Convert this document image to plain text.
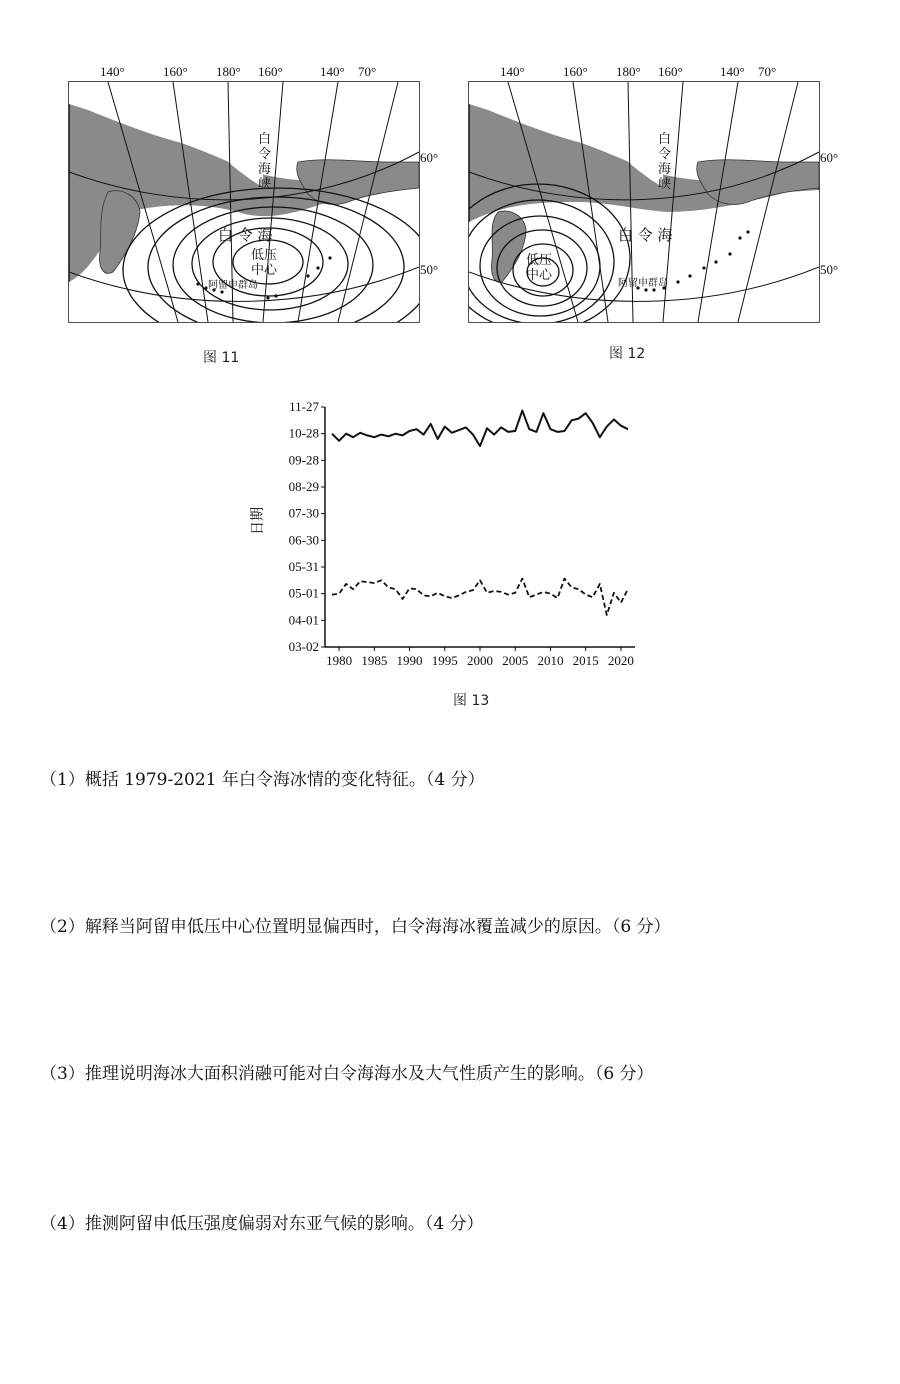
140°	160° 180° 160°	140° 70°
白
令
海
峡
白 令 海
低压
中心
阿留申群岛
60°
50°
图 11
140°	160° 180° 160°	140° 70°
白
令
海
峡
白 令 海
低压
中心
阿留申群岛
60°
50°
图 12
11-27
10-28
09-28
08-29
07-30
06-30
05-31
05-01
04-01
03-02
1980 1985 1990 1995 2000 2005 2010 2015 2020
日期
图 13
（1）概括 1979-2021 年白令海冰情的变化特征。（4 分）
（2）解释当阿留申低压中心位置明显偏西时，白令海海冰覆盖减少的原因。（6 分）
（3）推理说明海冰大面积消融可能对白令海海水及大气性质产生的影响。（6 分）
（4）推测阿留申低压强度偏弱对东亚气候的影响。（4 分）
